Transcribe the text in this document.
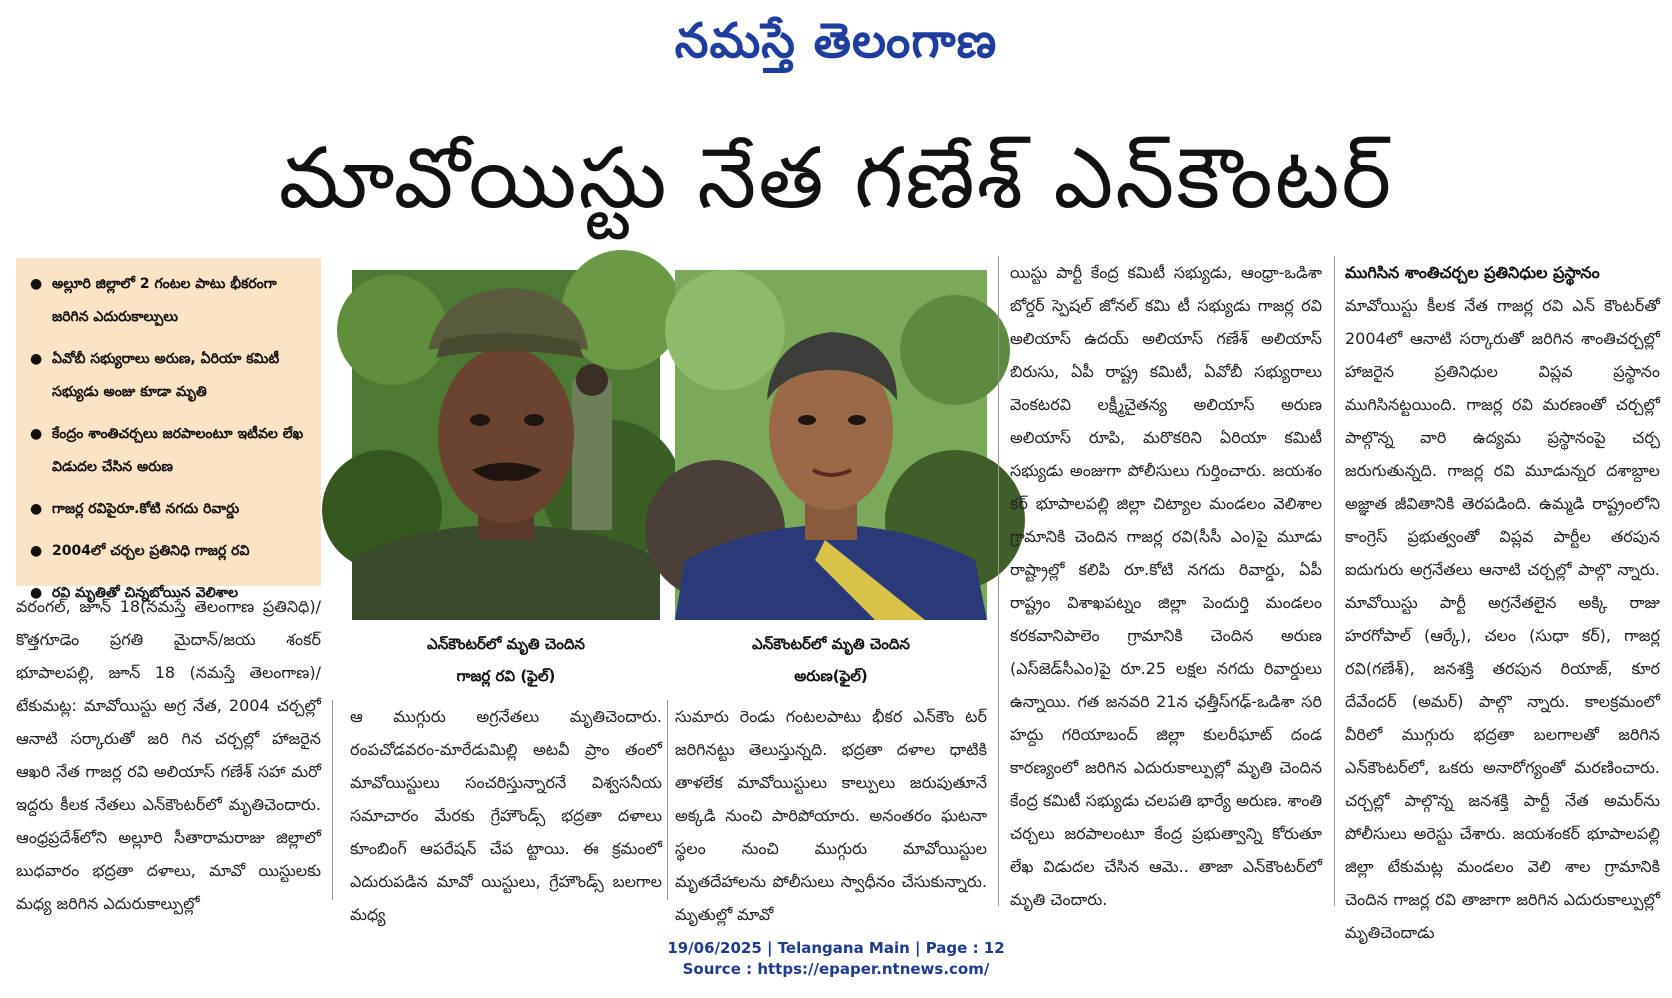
నమస్తే తెలంగాణ
మావోయిస్టు నేత గణేశ్ ఎన్‌కౌంటర్
● అల్లూరి జిల్లాలో 2 గంటల పాటు భీకరంగా జరిగిన ఎదురుకాల్పులు
● ఏవోబీ సభ్యురాలు అరుణ, ఏరియా కమిటీ సభ్యుడు అంజు కూడా మృతి
● కేంద్రం శాంతిచర్చలు జరపాలంటూ ఇటీవల లేఖ విడుదల చేసిన అరుణ
● గాజర్ల రవిపైరూ.కోటి నగదు రివార్డు
● 2004లో చర్చల ప్రతినిధి గాజర్ల రవి
● రవి మృతితో చిన్నబోయిన వెలిశాల
వరంగల్‌, జూన్‌ 18(నమస్తే తెలంగాణ ప్రతినిధి)/కొత్తగూడెం ప్రగతి మైదాన్‌/జయ శంకర్‌ భూపాలపల్లి, జూన్‌ 18 (నమస్తే తెలంగాణ)/టేకుమట్ల: మావోయిస్టు అగ్ర నేత, 2004 చర్చల్లో ఆనాటి సర్కారుతో జరి గిన చర్చల్లో హాజరైన ఆఖరి నేత గాజర్ల రవి అలియాస్‌ గణేశ్‌ సహా మరో ఇద్దరు కీలక నేతలు ఎన్‌కౌంటర్‌లో మృతిచెందారు. ఆంధ్రప్రదేశ్‌లోని అల్లూరి సీతారామరాజు జిల్లాలో బుధవారం భద్రతా దళాలు, మావో యిస్టులకు మధ్య జరిగిన ఎదురుకాల్పుల్లో
ఎన్‌కౌంటర్‌లో మృతి చెందిన
గాజర్ల రవి (ఫైల్)
ఎన్‌కౌంటర్‌లో మృతి చెందిన
అరుణ(ఫైల్)
ఆ ముగ్గురు అగ్రనేతలు మృతిచెందారు. రంపచోడవరం-మారేడుమిల్లి అటవీ ప్రాం తంలో మావోయిస్టులు సంచరిస్తున్నారనే విశ్వసనీయ సమాచారం మేరకు గ్రేహౌండ్స్‌ భద్రతా దళాలు కూంబింగ్‌ ఆపరేషన్‌ చేప ట్టాయి. ఈ క్రమంలో ఎదురుపడిన మావో యిస్టులు, గ్రేహౌండ్స్‌ బలగాల మధ్య
సుమారు రెండు గంటలపాటు భీకర ఎన్‌కౌం టర్‌ జరిగినట్టు తెలుస్తున్నది. భద్రతా దళాల ధాటికి తాళలేక మావోయిస్టులు కాల్పులు జరుపుతూనే అక్కడి నుంచి పారిపోయారు. అనంతరం ఘటనా స్థలం నుంచి ముగ్గురు మావోయిస్టుల మృతదేహాలను పోలీసులు స్వాధీనం చేసుకున్నారు. మృతుల్లో మావో
యిస్టు పార్టీ కేంద్ర కమిటీ సభ్యుడు, ఆంధ్రా-ఒడిశా బోర్డర్‌ స్పెషల్‌ జోనల్‌ కమి టీ సభ్యుడు గాజర్ల రవి అలియాస్‌ ఉదయ్‌ అలియాస్‌ గణేశ్‌ అలియాస్‌ బిరుసు, ఏపీ రాష్ట్ర కమిటీ, ఏవోబీ సభ్యురాలు వెంకటరవి లక్ష్మీచైతన్య అలియాస్‌ అరుణ అలియాస్‌ రూపి, మరొకరిని ఏరియా కమిటీ సభ్యుడు అంజుగా పోలీసులు గుర్తించారు. జయశం కర్‌ భూపాలపల్లి జిల్లా చిట్యాల మండలం వెలిశాల గ్రామానికి చెందిన గాజర్ల రవి(సీసీ ఎం)పై మూడు రాష్ట్రాల్లో కలిపి రూ.కోటి నగదు రివార్డు, ఏపీ రాష్ట్రం విశాఖపట్నం జిల్లా పెందుర్తి మండలం కరకవానిపాలెం గ్రామానికి చెందిన అరుణ (ఎస్‌జెడ్‌సీఎం)పై రూ.25 లక్షల నగదు రివార్డులు ఉన్నాయి. గత జనవరి 21న ఛత్తీస్‌గఢ్‌-ఒడిశా సరి హద్దు గరియాబంద్‌ జిల్లా కులరీఘాట్‌ దండ కారణ్యంలో జరిగిన ఎదురుకాల్పుల్లో మృతి చెందిన కేంద్ర కమిటీ సభ్యుడు చలపతి భార్యే అరుణ. శాంతి చర్చలు జరపాలంటూ కేంద్ర ప్రభుత్వాన్ని కోరుతూ లేఖ విడుదల చేసిన ఆమె.. తాజా ఎన్‌కౌంటర్‌లో మృతి చెందారు.
ముగిసిన శాంతిచర్చల ప్రతినిధుల ప్రస్థానం
మావోయిస్టు కీలక నేత గాజర్ల రవి ఎన్‌ కౌంటర్‌తో 2004లో ఆనాటి సర్కారుతో జరిగిన శాంతిచర్చల్లో హాజరైన ప్రతినిధుల విప్లవ ప్రస్థానం ముగిసినట్టయింది. గాజర్ల రవి మరణంతో చర్చల్లో పాల్గొన్న వారి ఉద్యమ ప్రస్థానంపై చర్చ జరుగుతున్నది. గాజర్ల రవి మూడున్నర దశాబ్దాల అజ్ఞాత జీవితానికి తెరపడింది. ఉమ్మడి రాష్ట్రంలోని కాంగ్రెస్‌ ప్రభుత్వంతో విప్లవ పార్టీల తరపున ఐదుగురు అగ్రనేతలు ఆనాటి చర్చల్లో పాల్గొ న్నారు. మావోయిస్టు పార్టీ అగ్రనేతలైన అక్కి రాజు హరగోపాల్‌ (ఆర్కే), చలం (సుధా కర్‌), గాజర్ల రవి(గణేశ్‌), జనశక్తి తరపున రియాజ్‌, కూర దేవేందర్‌ (అమర్‌) పాల్గొ న్నారు. కాలక్రమంలో వీరిలో ముగ్గురు భద్రతా బలగాలతో జరిగిన ఎన్‌కౌంటర్‌లో, ఒకరు అనారోగ్యంతో మరణించారు. చర్చల్లో పాల్గొన్న జనశక్తి పార్టీ నేత అమర్‌ను పోలీసులు అరెస్టు చేశారు. జయశంకర్‌ భూపాలపల్లి జిల్లా టేకుమట్ల మండలం వెలి శాల గ్రామానికి చెందిన గాజర్ల రవి తాజాగా జరిగిన ఎదురుకాల్పుల్లో మృతిచెందాడు
19/06/2025 | Telangana Main | Page : 12
Source : https://epaper.ntnews.com/
